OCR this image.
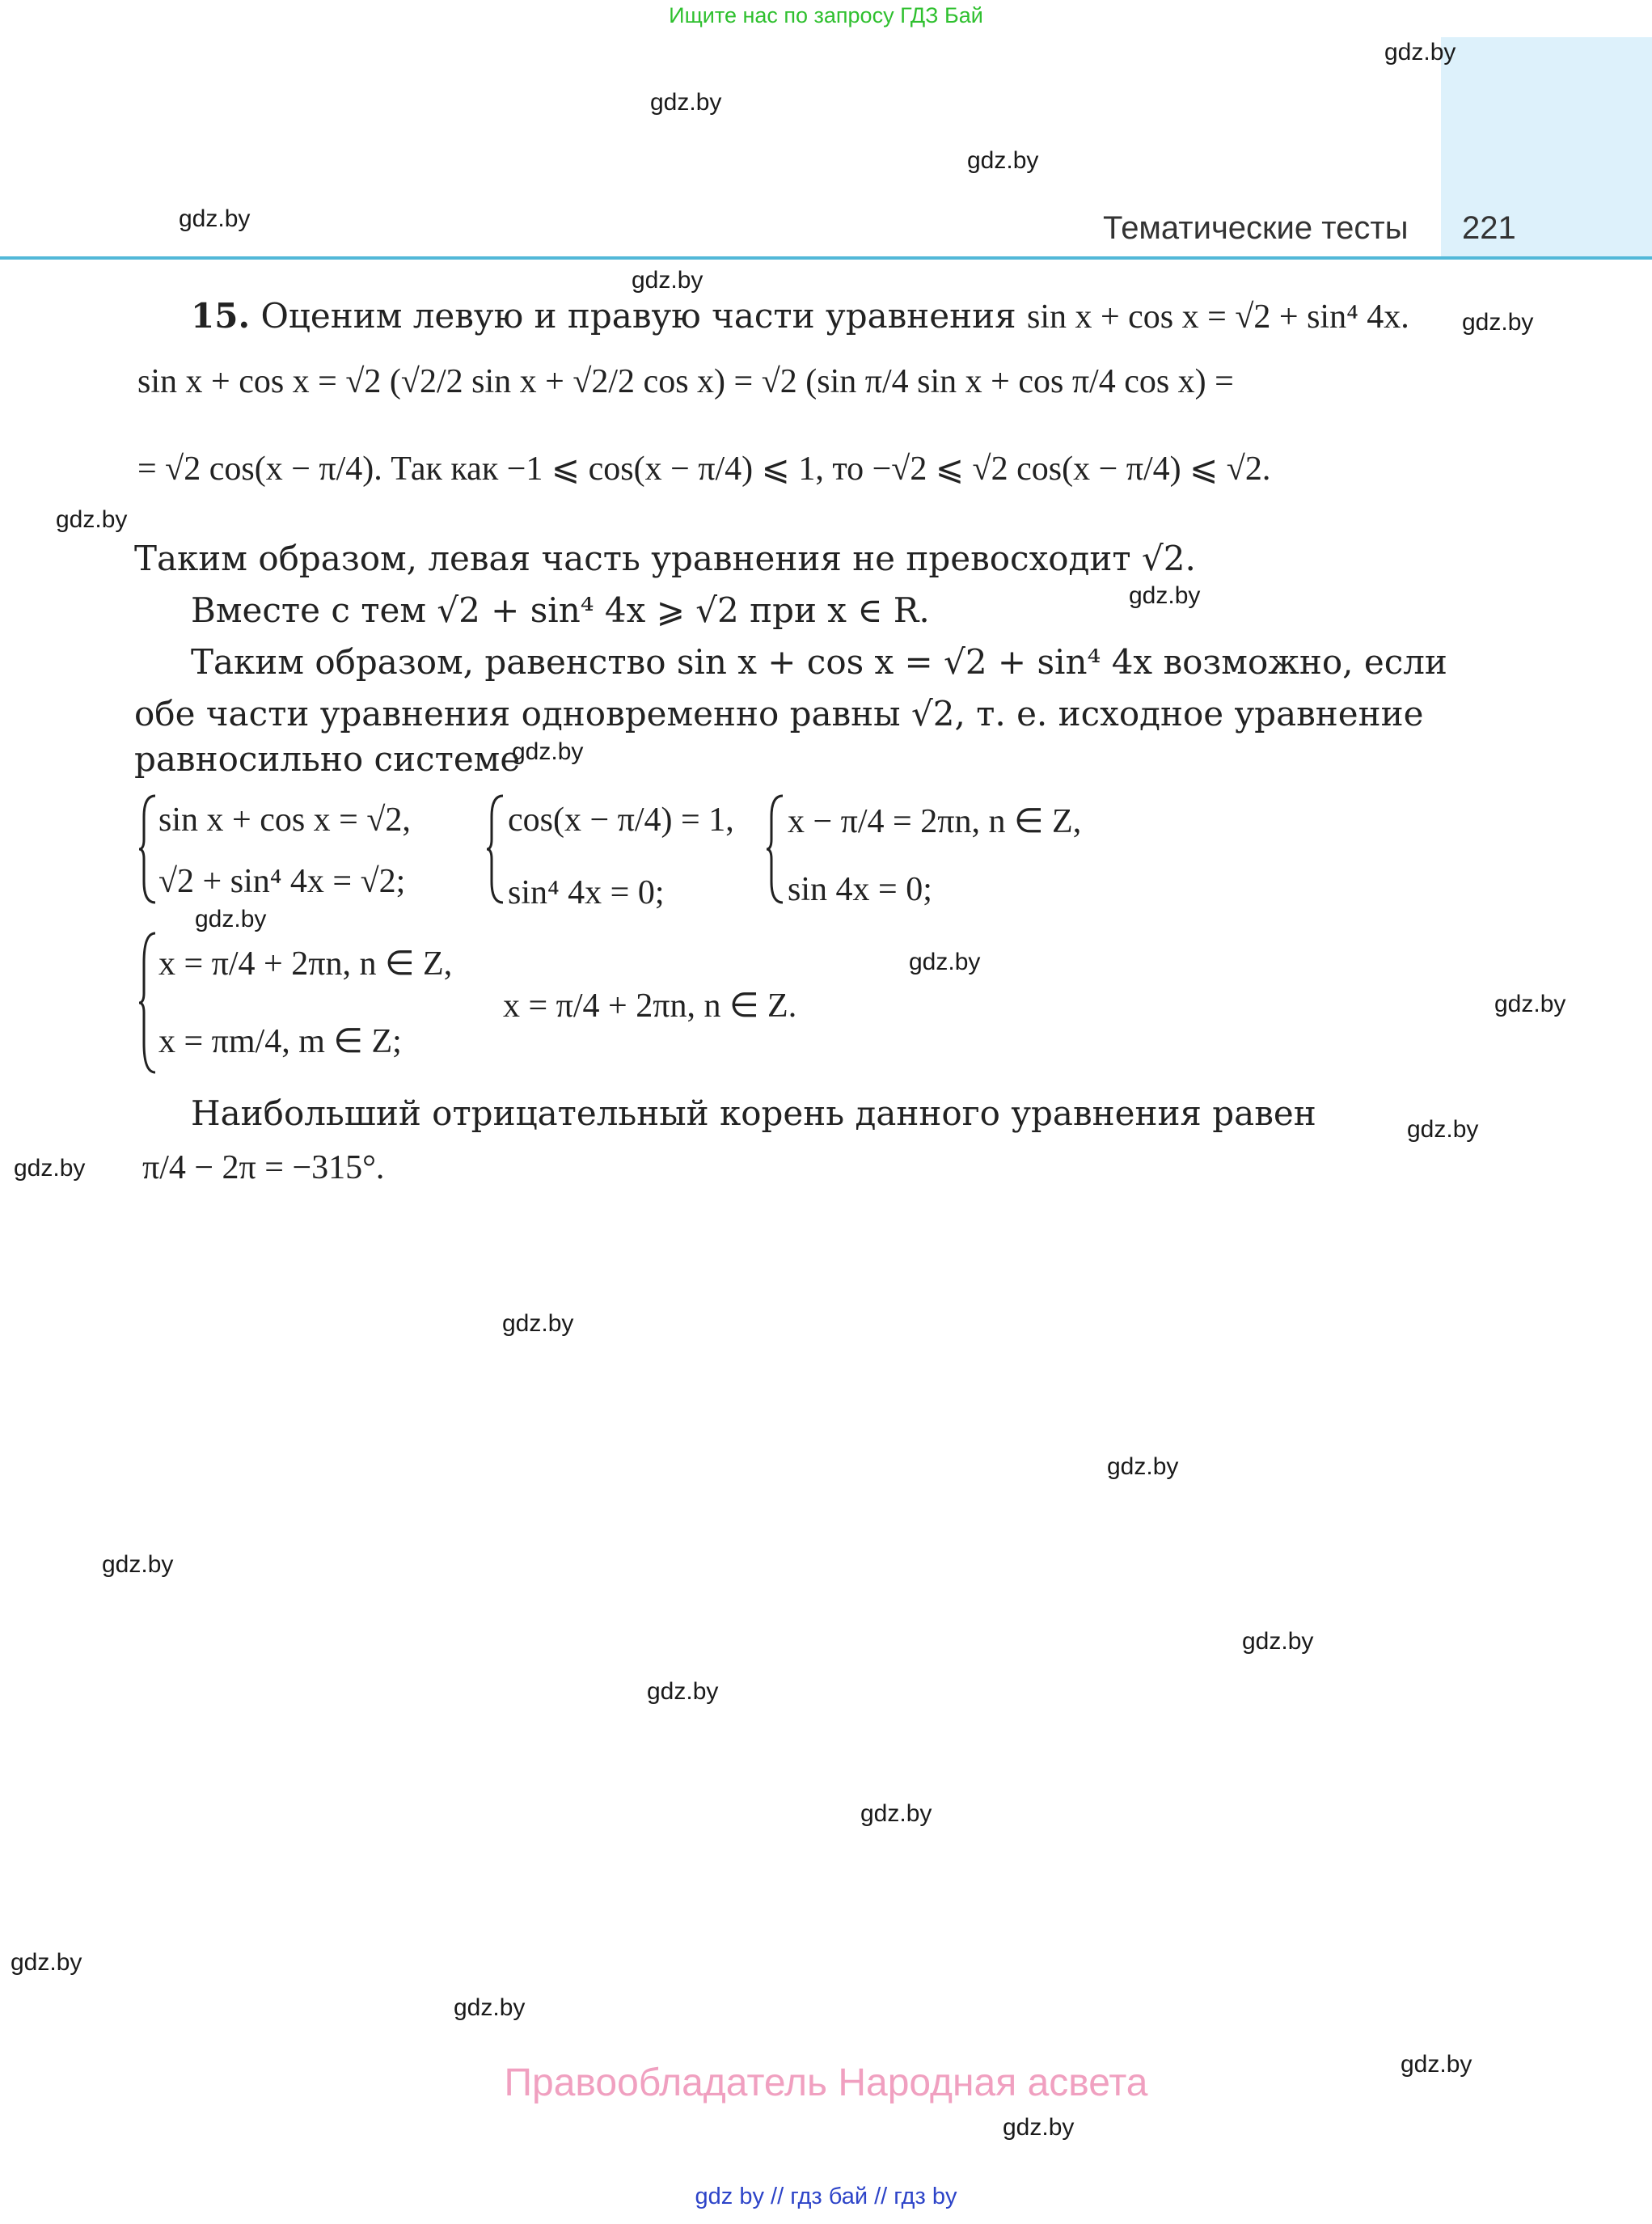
Ищите нас по запросу ГДЗ Бай
Тематические тесты 221
gdz.by
gdz.by
gdz.by
gdz.by
gdz.by
gdz.by
gdz.by
gdz.by
gdz.by
gdz.by
gdz.by
gdz.by
gdz.by
gdz.by
gdz.by
gdz.by
gdz.by
gdz.by
gdz.by
gdz.by
gdz.by
gdz.by
gdz.by
gdz.by
15. Оценим левую и правую части уравнения sin x + cos x = √2 + sin⁴ 4x.
sin x + cos x = √2 (√2/2 sin x + √2/2 cos x) = √2 (sin π/4 sin x + cos π/4 cos x) =
= √2 cos(x − π/4). Так как −1 ⩽ cos(x − π/4) ⩽ 1, то −√2 ⩽ √2 cos(x − π/4) ⩽ √2.
Таким образом, левая часть уравнения не превосходит √2.
Вместе с тем √2 + sin⁴ 4x ⩾ √2 при x ∈ R.
Таким образом, равенство sin x + cos x = √2 + sin⁴ 4x возможно, если
обе части уравнения одновременно равны √2, т. е. исходное уравнение
равносильно системе
sin x + cos x = √2,
√2 + sin⁴ 4x = √2;
cos(x − π/4) = 1,
sin⁴ 4x = 0;
x − π/4 = 2πn, n ∈ Z,
sin 4x = 0;
x = π/4 + 2πn, n ∈ Z,
x = πm/4, m ∈ Z;
x = π/4 + 2πn, n ∈ Z.
Наибольший отрицательный корень данного уравнения равен
π/4 − 2π = −315°.
Правообладатель Народная асвета
gdz by // гдз бай // гдз by
